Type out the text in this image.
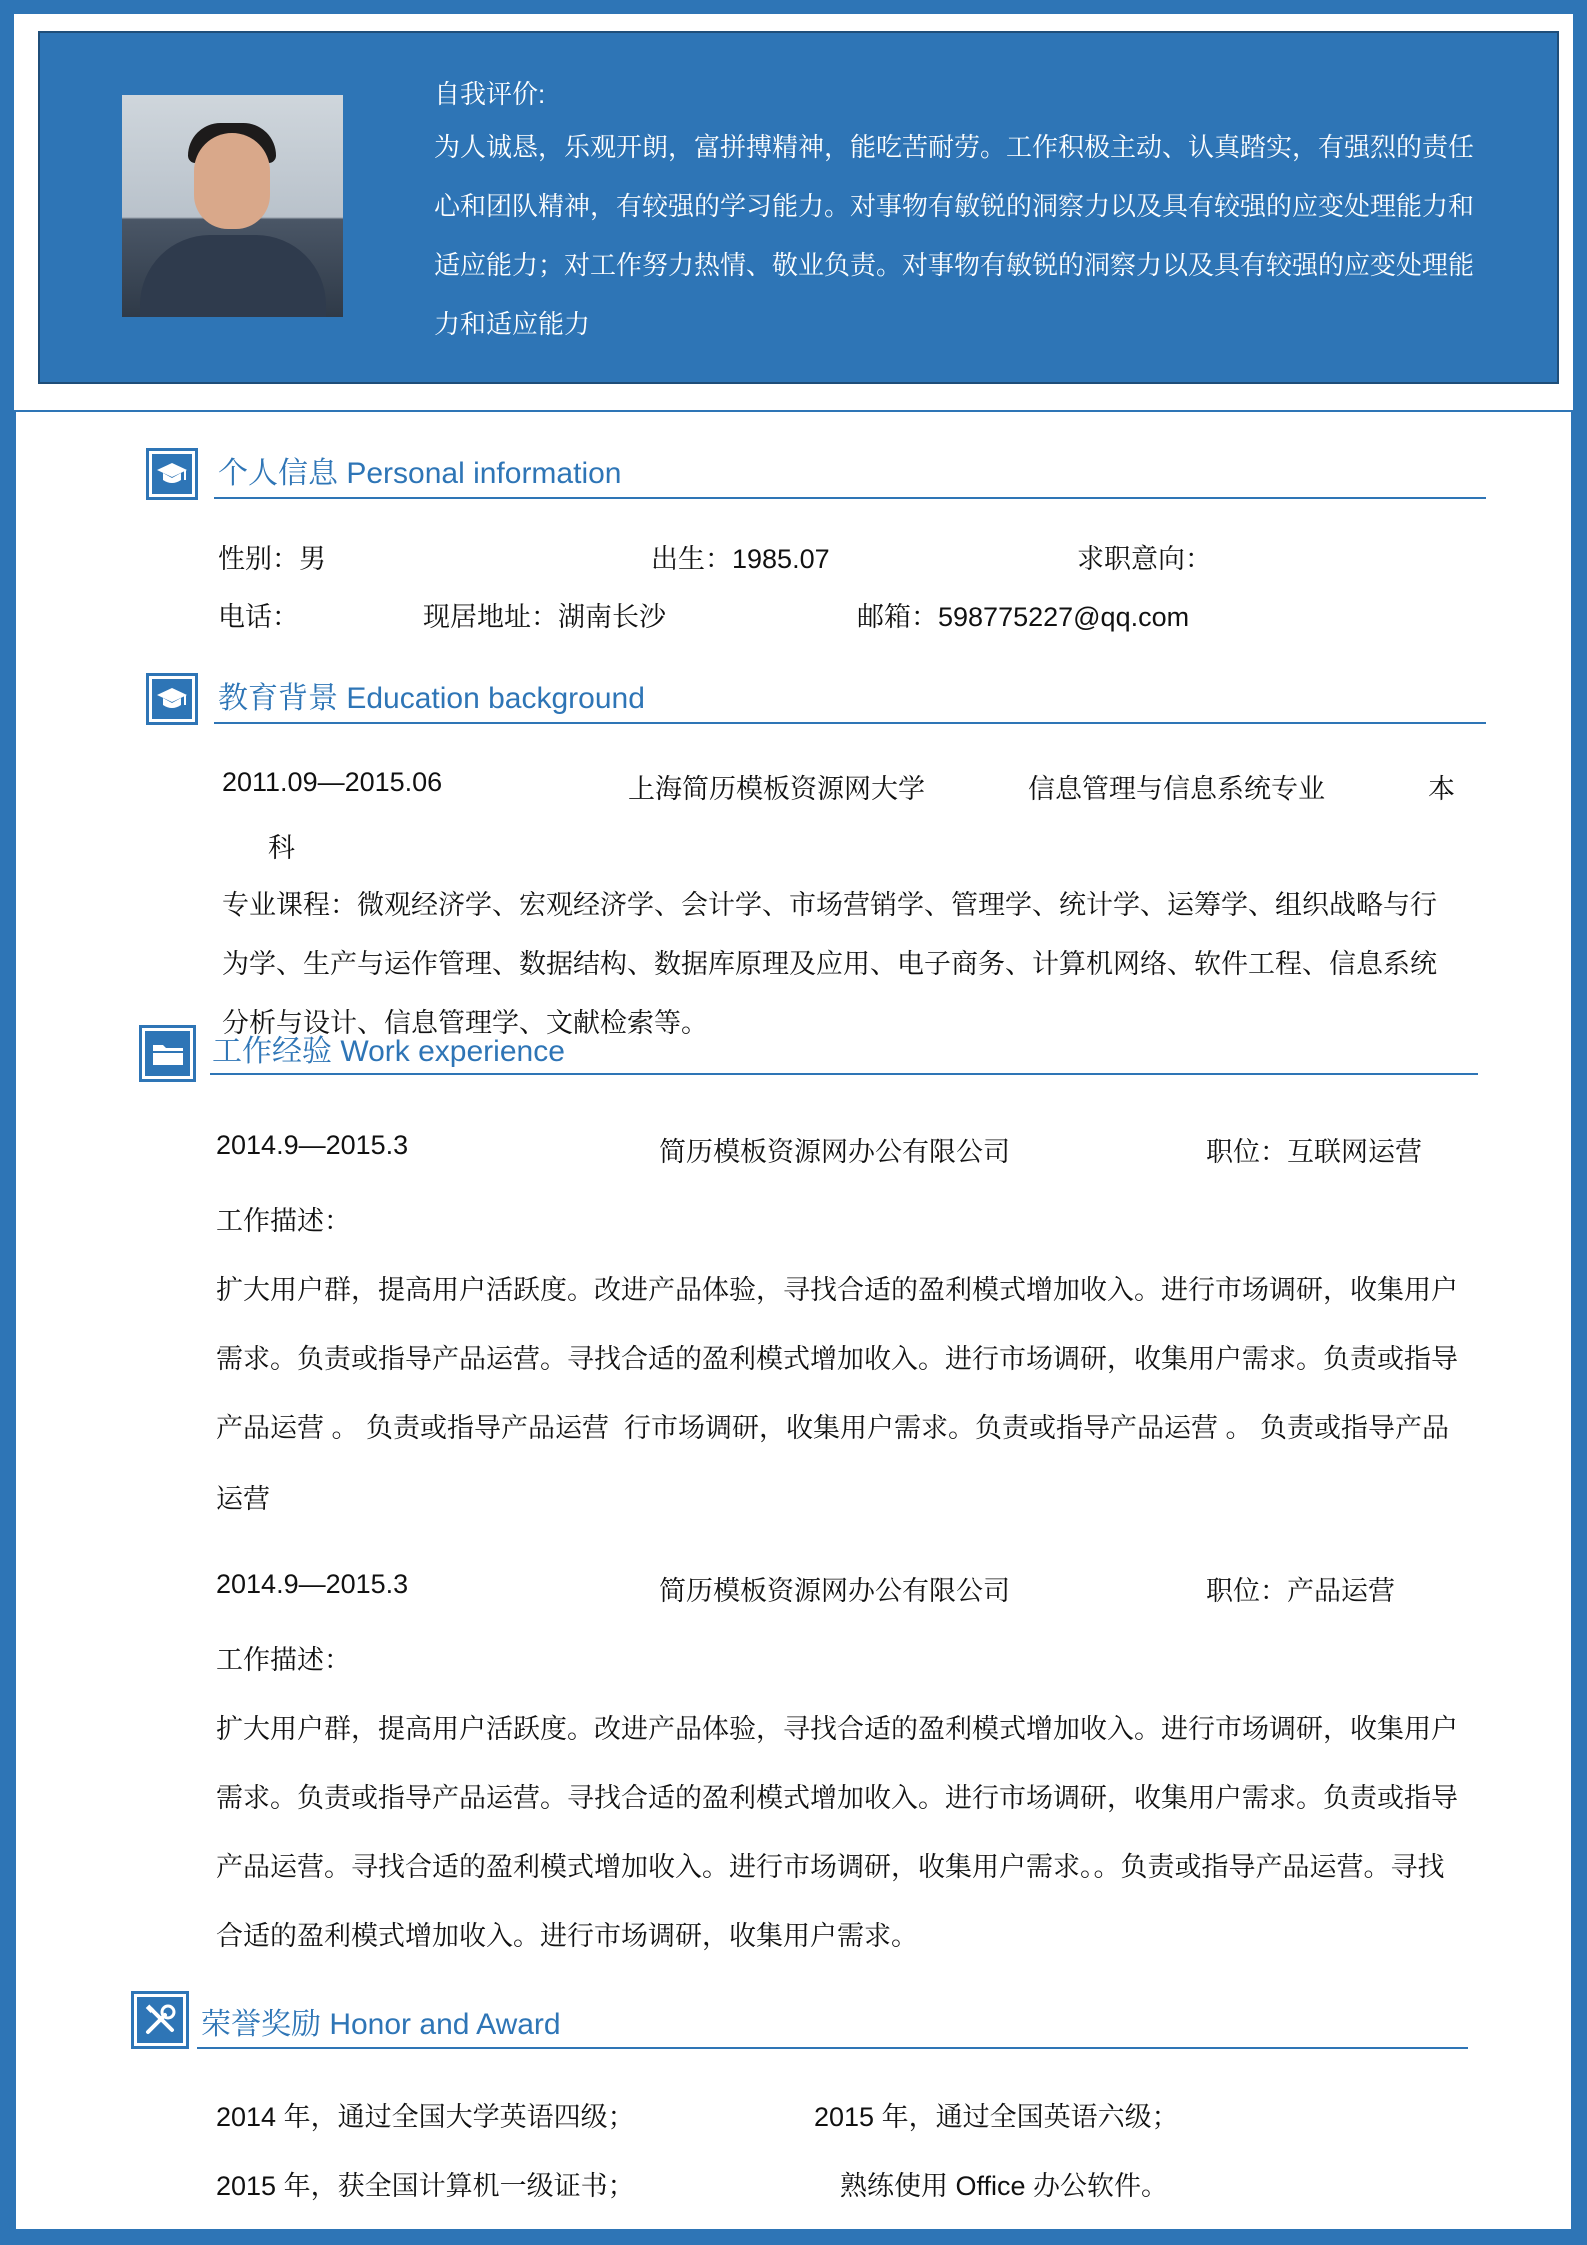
自我评价:
为人诚恳，乐观开朗，富拼搏精神，能吃苦耐劳。工作积极主动、认真踏实，有强烈的责任心和团队精神，有较强的学习能力。对事物有敏锐的洞察力以及具有较强的应变处理能力和适应能力；对工作努力热情、敬业负责。对事物有敏锐的洞察力以及具有较强的应变处理能力和适应能力
个人信息 Personal information
性别：男	出生：1985.07	求职意向：
电话：	现居地址：湖南长沙	邮箱：598775227@qq.com
教育背景 Education background
2011.09—2015.06	上海简历模板资源网大学	信息管理与信息系统专业	本
科
专业课程：微观经济学、宏观经济学、会计学、市场营销学、管理学、统计学、运筹学、组织战略与行为学、生产与运作管理、数据结构、数据库原理及应用、电子商务、计算机网络、软件工程、信息系统分析与设计、信息管理学、文献检索等。
工作经验 Work experience
2014.9—2015.3	简历模板资源网办公有限公司	职位：互联网运营
工作描述：
扩大用户群，提高用户活跃度。改进产品体验，寻找合适的盈利模式增加收入。进行市场调研，收集用户
需求。负责或指导产品运营。寻找合适的盈利模式增加收入。进行市场调研，收集用户需求。负责或指导
产品运营 。 负责或指导产品运营  行市场调研，收集用户需求。负责或指导产品运营 。 负责或指导产品
运营
2014.9—2015.3	简历模板资源网办公有限公司	职位：产品运营
工作描述：
扩大用户群，提高用户活跃度。改进产品体验，寻找合适的盈利模式增加收入。进行市场调研，收集用户
需求。负责或指导产品运营。寻找合适的盈利模式增加收入。进行市场调研，收集用户需求。负责或指导
产品运营。寻找合适的盈利模式增加收入。进行市场调研，收集用户需求。。负责或指导产品运营。寻找
合适的盈利模式增加收入。进行市场调研，收集用户需求。
荣誉奖励 Honor and Award
2014 年，通过全国大学英语四级；	2015 年，通过全国英语六级；
2015 年，获全国计算机一级证书；	熟练使用 Office 办公软件。
